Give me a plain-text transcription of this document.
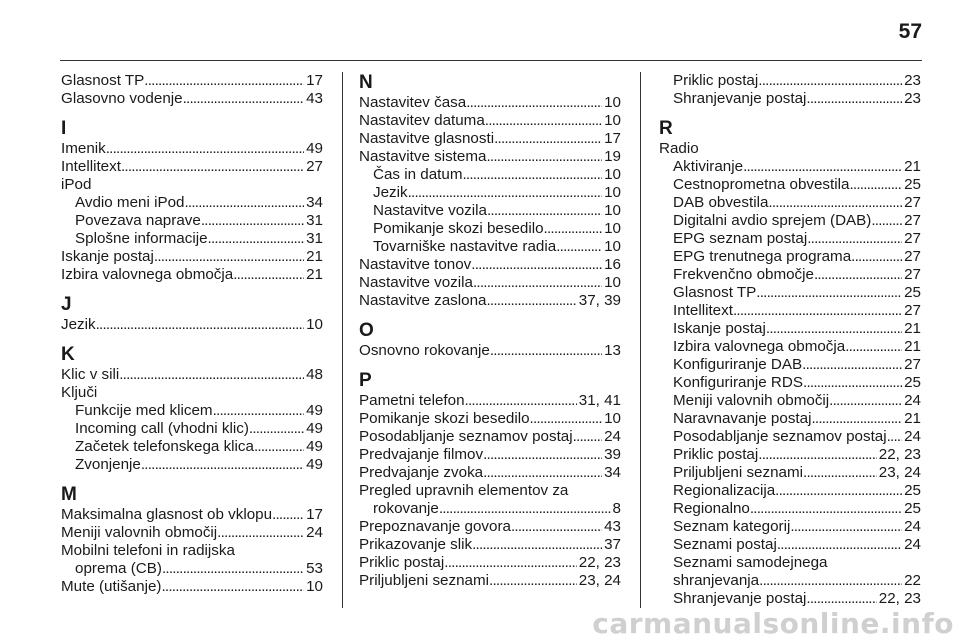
57
Glasnost TP . . .	17
Glasovno vodenje . . .	43
I
Imenik . . .	49
Intellitext . . .	27
iPod
Avdio meni iPod . . .	34
Povezava naprave . . .	31
Splošne informacije . . .	31
Iskanje postaj . . .	21
Izbira valovnega območja . . .	21
J
Jezik . . .	10
K
Klic v sili . . .	48
Ključi
Funkcije med klicem . . .	49
Incoming call (vhodni klic) . . .	49
Začetek telefonskega klica . . .	49
Zvonjenje . . .	49
M
Maksimalna glasnost ob vklopu . . . 17
Meniji valovnih območij . . .	24
Mobilni telefoni in radijska
oprema (CB) . . .	53
Mute (utišanje) . . .	10
N
Nastavitev časa . . .	10
Nastavitev datuma . . .	10
Nastavitve glasnosti . . .	17
Nastavitve sistema . . .	19
Čas in datum . . .	10
Jezik . . .	10
Nastavitve vozila . . .	10
Pomikanje skozi besedilo . . .	10
Tovarniške nastavitve radia . . .	10
Nastavitve tonov . . .	16
Nastavitve vozila . . .	10
Nastavitve zaslona . . .	37, 39
O
Osnovno rokovanje . . .	13
P
Pametni telefon . . .	31, 41
Pomikanje skozi besedilo . . .	10
Posodabljanje seznamov postaj . . . 24
Predvajanje filmov . . .	39
Predvajanje zvoka . . .	34
Pregled upravnih elementov za
rokovanje . . .	8
Prepoznavanje govora . . .	43
Prikazovanje slik . . .	37
Priklic postaj . . .	22, 23
Priljubljeni seznami . . .	23, 24
Priklic postaj . . .	23
Shranjevanje postaj . . .	23
R
Radio
Aktiviranje . . .	21
Cestnoprometna obvestila . . .	25
DAB obvestila . . .	27
Digitalni avdio sprejem (DAB) . . . 27
EPG seznam postaj . . .	27
EPG trenutnega programa . . .	27
Frekvenčno območje . . .	27
Glasnost TP . . .	25
Intellitext . . .	27
Iskanje postaj . . .	21
Izbira valovnega območja . . .	21
Konfiguriranje DAB . . .	27
Konfiguriranje RDS . . .	25
Meniji valovnih območij . . .	24
Naravnavanje postaj . . .	21
Posodabljanje seznamov postaj . . . 24
Priklic postaj . . .	22, 23
Priljubljeni seznami . . .	23, 24
Regionalizacija . . .	25
Regionalno . . .	25
Seznam kategorij . . .	24
Seznami postaj . . .	24
Seznami samodejnega
shranjevanja . . .	22
Shranjevanje postaj . . .	22, 23
carmanualsonline.info
